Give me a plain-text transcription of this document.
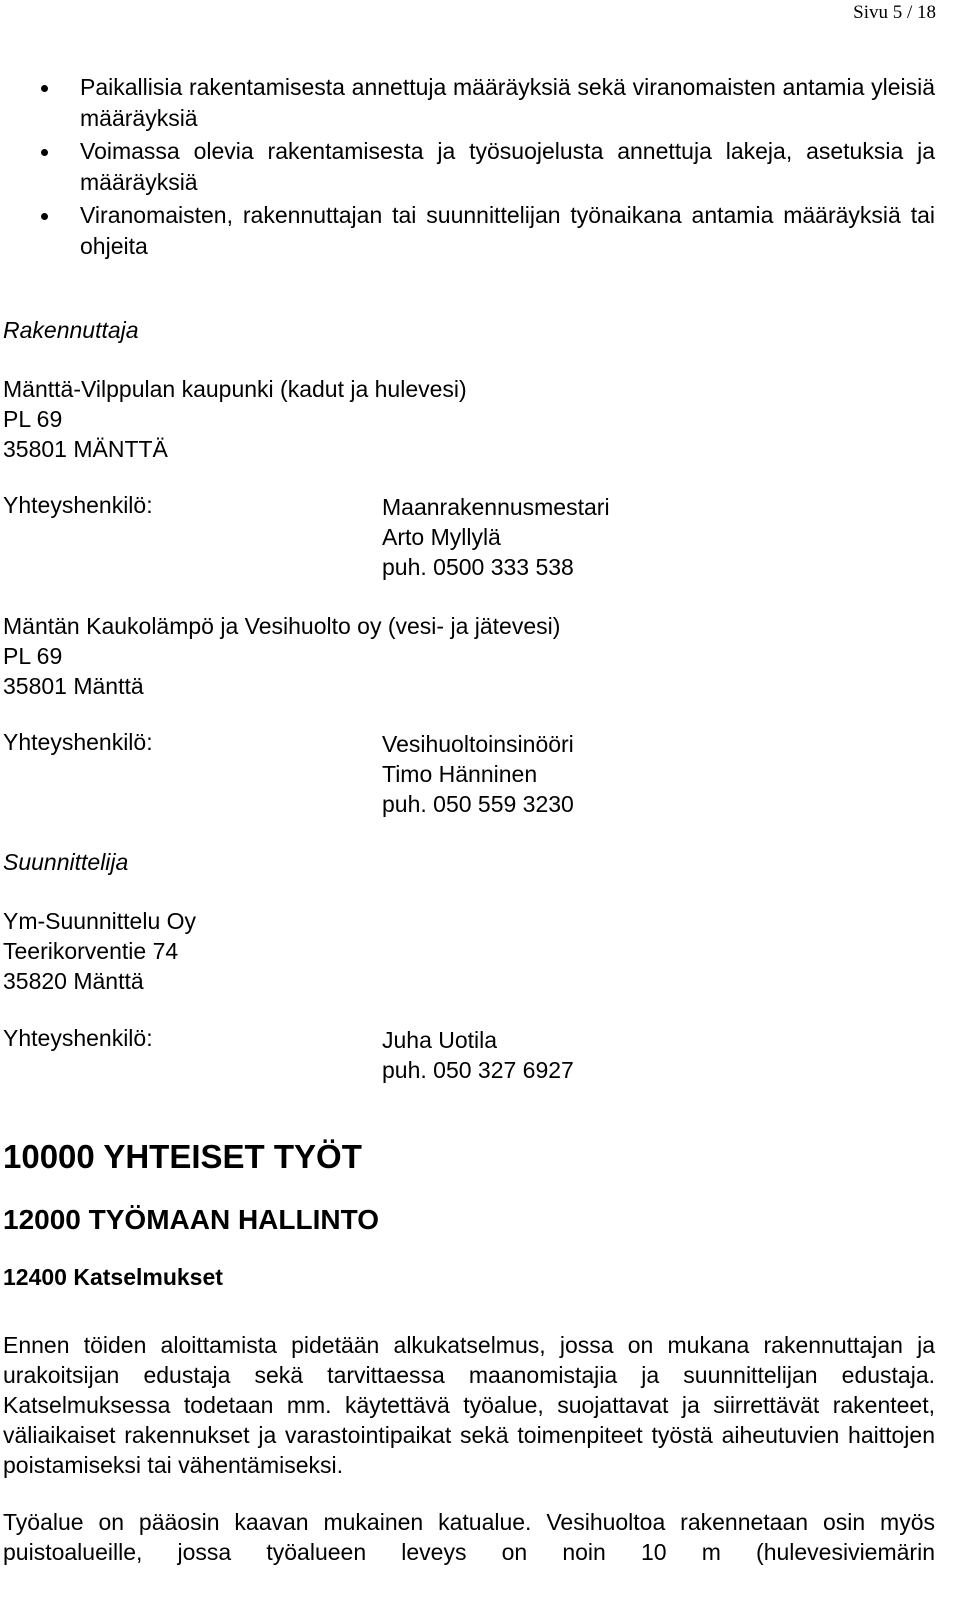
Sivu 5 / 18
Paikallisia rakentamisesta annettuja määräyksiä sekä viranomaisten antamia yleisiä määräyksiä
Voimassa olevia rakentamisesta ja työsuojelusta annettuja lakeja, asetuksia ja määräyksiä
Viranomaisten, rakennuttajan tai suunnittelijan työnaikana antamia määräyksiä tai ohjeita
Rakennuttaja
Mänttä-Vilppulan kaupunki (kadut ja hulevesi)
PL 69
35801 MÄNTTÄ
Yhteyshenkilö:	Maanrakennusmestari
Arto Myllylä
puh. 0500 333 538
Mäntän Kaukolämpö ja Vesihuolto oy (vesi- ja jätevesi)
PL 69
35801 Mänttä
Yhteyshenkilö:	Vesihuoltoinsinööri
Timo Hänninen
puh. 050 559 3230
Suunnittelija
Ym-Suunnittelu Oy
Teerikorventie 74
35820 Mänttä
Yhteyshenkilö:	Juha Uotila
puh. 050 327 6927
10000 YHTEISET TYÖT
12000 TYÖMAAN HALLINTO
12400 Katselmukset
Ennen töiden aloittamista pidetään alkukatselmus, jossa on mukana rakennuttajan ja urakoitsijan edustaja sekä tarvittaessa maanomistajia ja suunnittelijan edustaja. Katselmuksessa todetaan mm. käytettävä työalue, suojattavat ja siirrettävät rakenteet, väliaikaiset rakennukset ja varastointipaikat sekä toimenpiteet työstä aiheutuvien haittojen poistamiseksi tai vähentämiseksi.
Työalue on pääosin kaavan mukainen katualue. Vesihuoltoa rakennetaan osin myös puistoalueille, jossa työalueen leveys on noin 10 m (hulevesiviemärin
